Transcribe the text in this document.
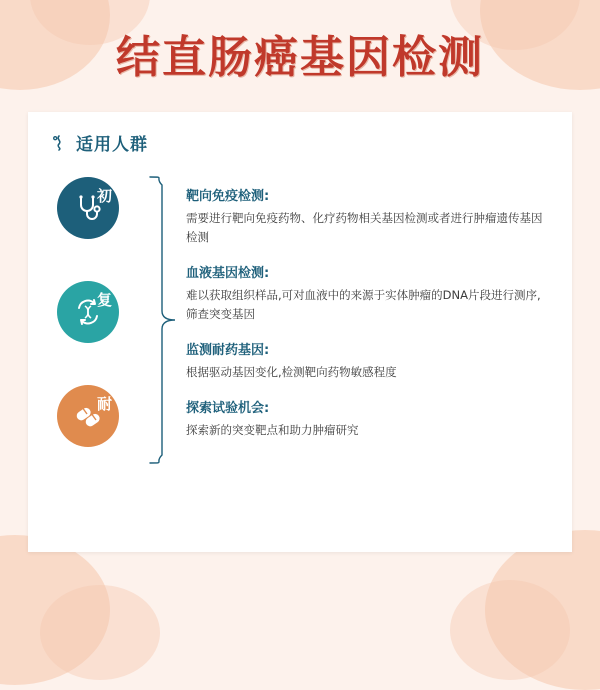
结直肠癌基因检测
适用人群
初
复
耐
靶向免疫检测:
需要进行靶向免疫药物、化疗药物相关基因检测或者进行肿瘤遗传基因检测
血液基因检测:
难以获取组织样品,可对血液中的来源于实体肿瘤的DNA片段进行测序,筛查突变基因
监测耐药基因:
根据驱动基因变化,检测靶向药物敏感程度
探索试验机会:
探索新的突变靶点和助力肿瘤研究
